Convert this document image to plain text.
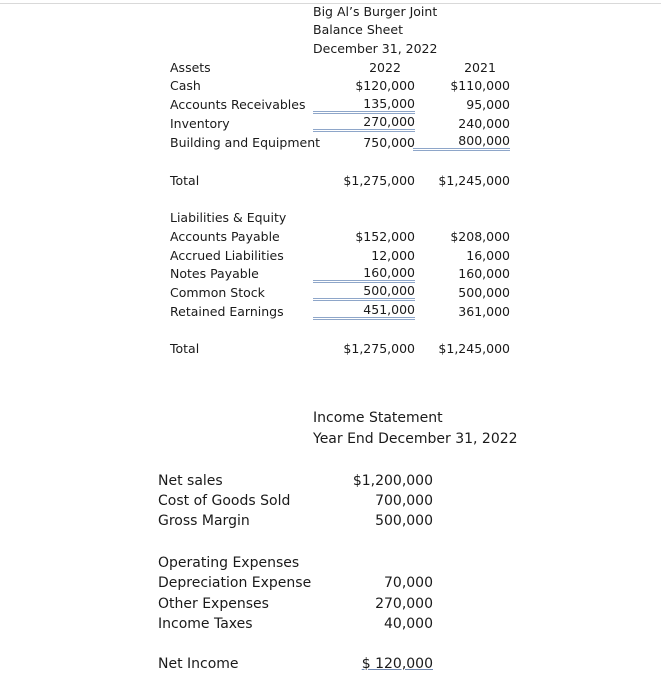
Big Al’s Burger Joint
Balance Sheet
December 31, 2022
2022	2021
Assets
Cash	$120,000	$110,000
Accounts Receivables	135,000	95,000
Inventory	270,000	240,000
Building and Equipment	750,000	800,000
Total	$1,275,000	$1,245,000
Liabilities & Equity
Accounts Payable	$152,000	$208,000
Accrued Liabilities	12,000	16,000
Notes Payable	160,000	160,000
Common Stock	500,000	500,000
Retained Earnings	451,000	361,000
Total	$1,275,000	$1,245,000
Income Statement
Year End December 31, 2022
Net sales	$1,200,000
Cost of Goods Sold	700,000
Gross Margin	500,000
Operating Expenses
Depreciation Expense	70,000
Other Expenses	270,000
Income Taxes	40,000
Net Income	$ 120,000
